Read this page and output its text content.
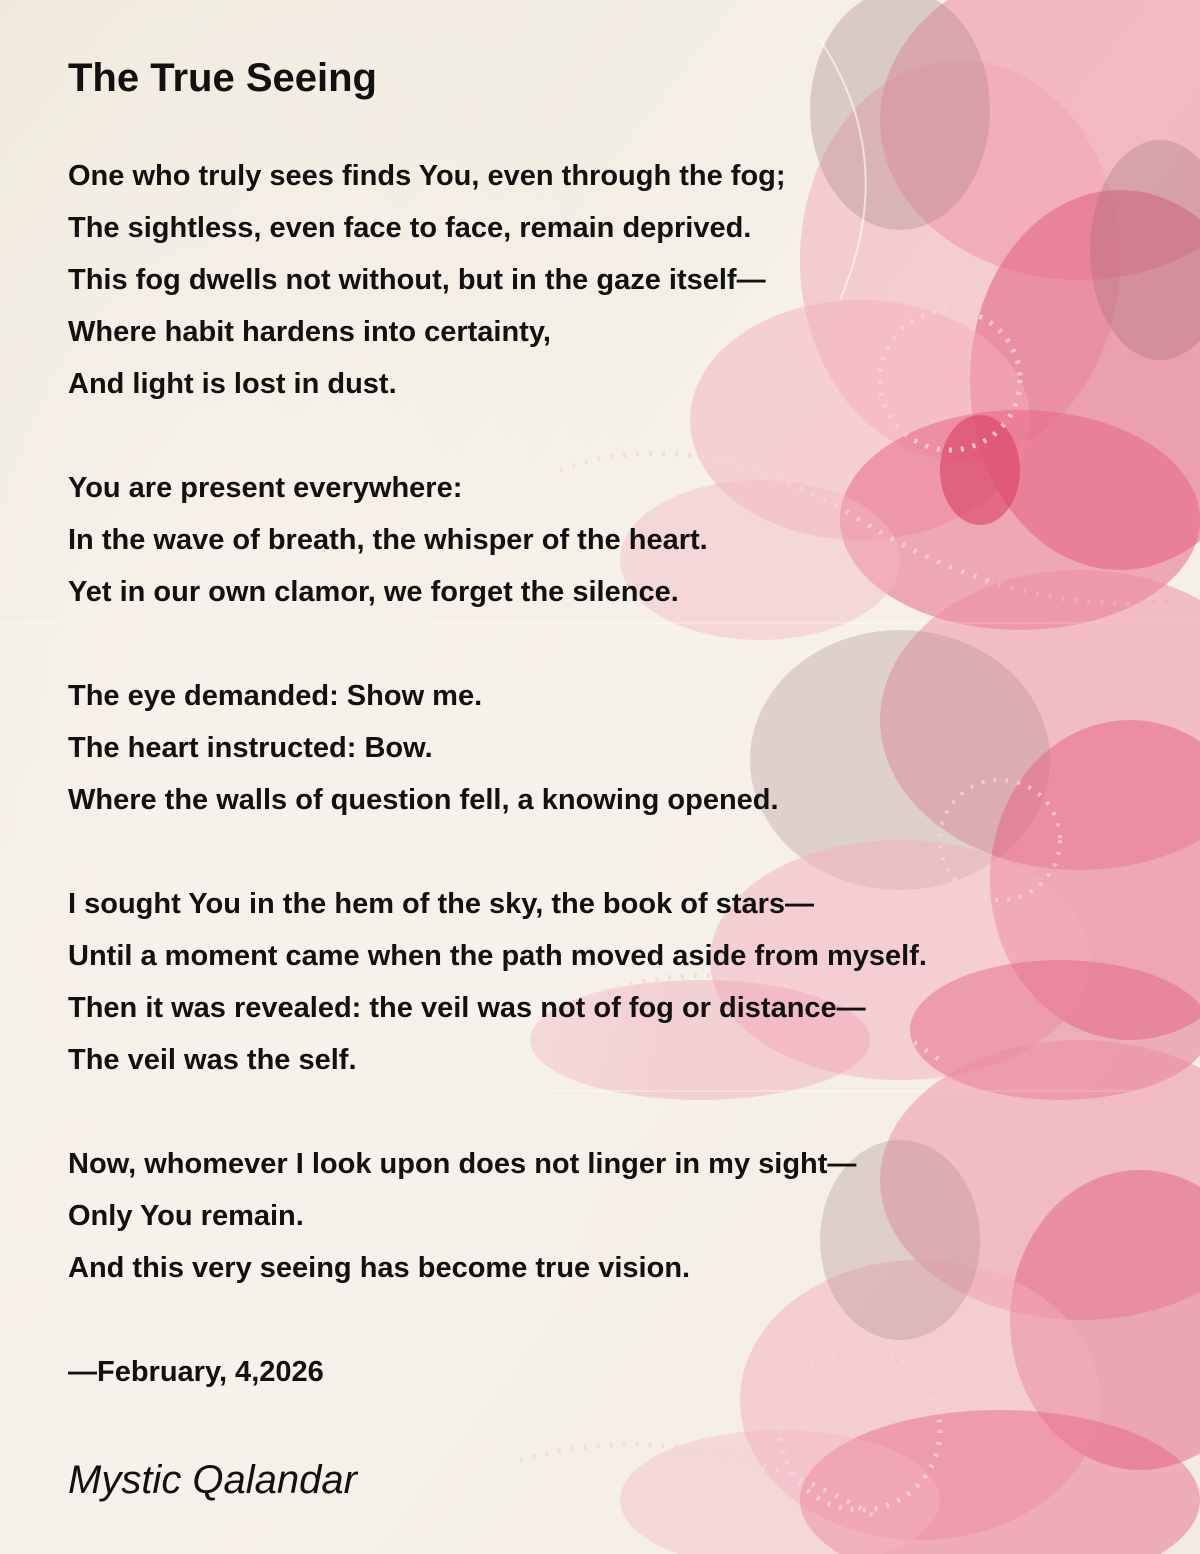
The True Seeing
One who truly sees finds You, even through the fog;
The sightless, even face to face, remain deprived.
This fog dwells not without, but in the gaze itself—
Where habit hardens into certainty,
And light is lost in dust.
You are present everywhere:
In the wave of breath, the whisper of the heart.
Yet in our own clamor, we forget the silence.
The eye demanded: Show me.
The heart instructed: Bow.
Where the walls of question fell, a knowing opened.
I sought You in the hem of the sky, the book of stars—
Until a moment came when the path moved aside from myself.
Then it was revealed: the veil was not of fog or distance—
The veil was the self.
Now, whomever I look upon does not linger in my sight—
Only You remain.
And this very seeing has become true vision.
—February, 4,2026
Mystic Qalandar
